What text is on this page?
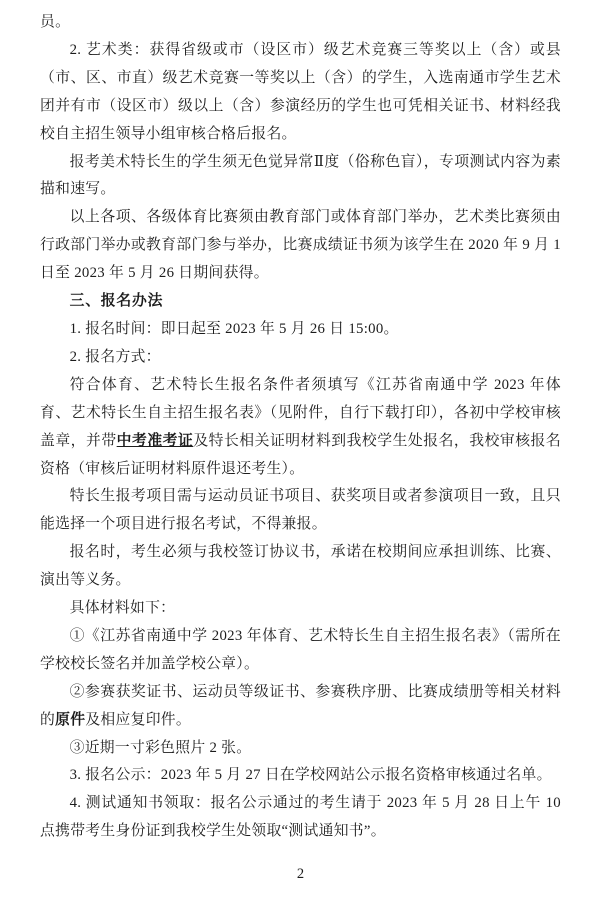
员。

2. 艺术类：获得省级或市（设区市）级艺术竞赛三等奖以上（含）或县（市、区、市直）级艺术竞赛一等奖以上（含）的学生，入选南通市学生艺术团并有市（设区市）级以上（含）参演经历的学生也可凭相关证书、材料经我校自主招生领导小组审核合格后报名。

报考美术特长生的学生须无色觉异常Ⅱ度（俗称色盲），专项测试内容为素描和速写。

以上各项、各级体育比赛须由教育部门或体育部门举办，艺术类比赛须由行政部门举办或教育部门参与举办，比赛成绩证书须为该学生在 2020 年 9 月 1 日至 2023 年 5 月 26 日期间获得。

三、报名办法

1. 报名时间：即日起至 2023 年 5 月 26 日 15:00。

2. 报名方式：

符合体育、艺术特长生报名条件者须填写《江苏省南通中学 2023 年体育、艺术特长生自主招生报名表》（见附件，自行下载打印），各初中学校审核盖章，并带中考准考证及特长相关证明材料到我校学生处报名，我校审核报名资格（审核后证明材料原件退还考生）。

特长生报考项目需与运动员证书项目、获奖项目或者参演项目一致，且只能选择一个项目进行报名考试，不得兼报。

报名时，考生必须与我校签订协议书，承诺在校期间应承担训练、比赛、演出等义务。

具体材料如下：

①《江苏省南通中学 2023 年体育、艺术特长生自主招生报名表》（需所在学校校长签名并加盖学校公章）。

②参赛获奖证书、运动员等级证书、参赛秩序册、比赛成绩册等相关材料的原件及相应复印件。

③近期一寸彩色照片 2 张。

3. 报名公示：2023 年 5 月 27 日在学校网站公示报名资格审核通过名单。

4. 测试通知书领取：报名公示通过的考生请于 2023 年 5 月 28 日上午 10 点携带考生身份证到我校学生处领取“测试通知书”。

2
